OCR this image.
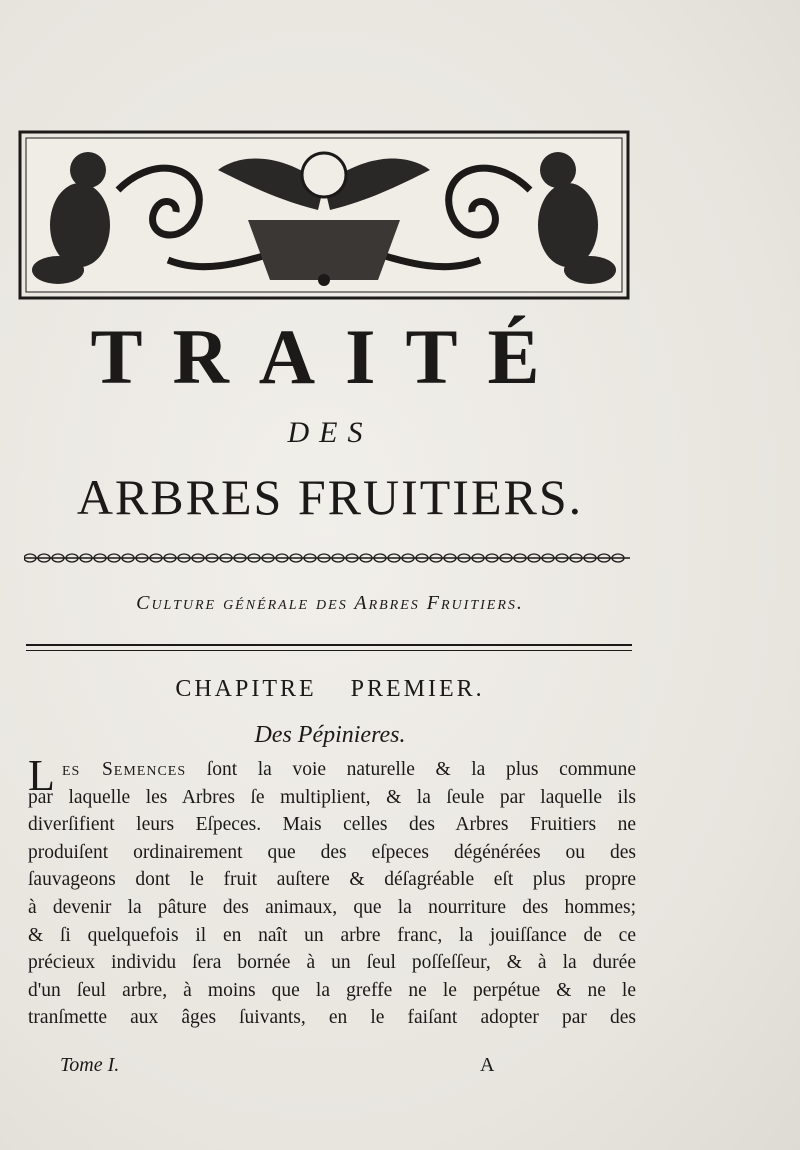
TRAITÉ
DES
ARBRES FRUITIERS.
Culture générale des Arbres Fruitiers.
CHAPITRE PREMIER.
Des Pépinieres.
L es Semences ſont la voie naturelle & la plus commune
par laquelle les Arbres ſe multiplient, & la ſeule par laquelle ils
diverſifient leurs Eſpeces. Mais celles des Arbres Fruitiers ne
produiſent ordinairement que des eſpeces dégénérées ou des
ſauvageons dont le fruit auſtere & déſagréable eſt plus propre
à devenir la pâture des animaux, que la nourriture des hommes;
& ſi quelquefois il en naît un arbre franc, la jouiſſance de ce
précieux individu ſera bornée à un ſeul poſſeſſeur, & à la durée
d'un ſeul arbre, à moins que la greffe ne le perpétue & ne le
tranſmette aux âges ſuivants, en le faiſant adopter par des
Tome I.	A
